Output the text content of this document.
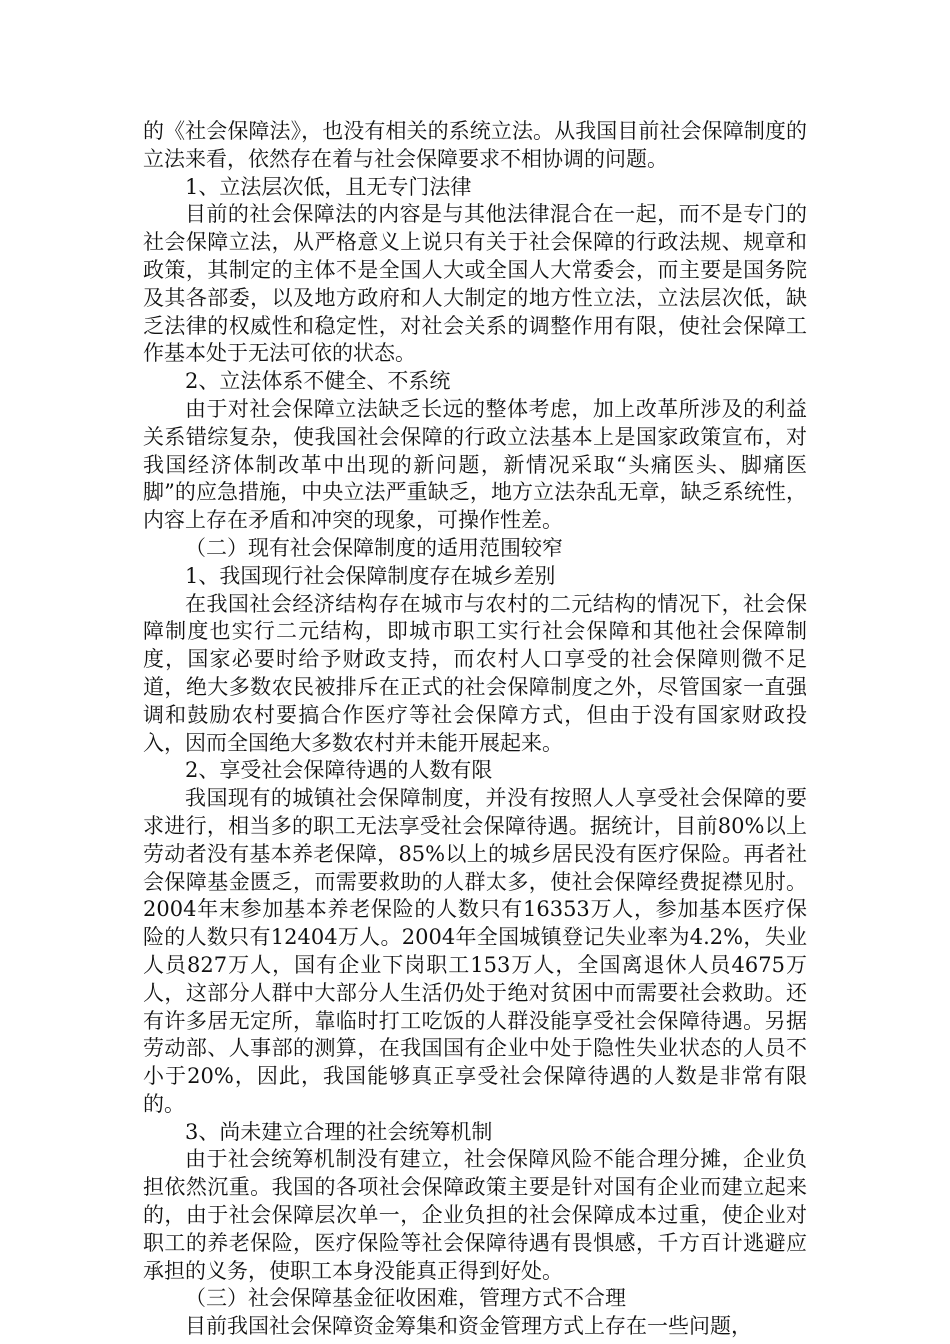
的《社会保障法》，也没有相关的系统立法。从我国目前社会保障制度的立法来看，依然存在着与社会保障要求不相协调的问题。

1、立法层次低，且无专门法律

目前的社会保障法的内容是与其他法律混合在一起，而不是专门的社会保障立法，从严格意义上说只有关于社会保障的行政法规、规章和政策，其制定的主体不是全国人大或全国人大常委会，而主要是国务院及其各部委，以及地方政府和人大制定的地方性立法，立法层次低，缺乏法律的权威性和稳定性，对社会关系的调整作用有限，使社会保障工作基本处于无法可依的状态。

2、立法体系不健全、不系统

由于对社会保障立法缺乏长远的整体考虑，加上改革所涉及的利益关系错综复杂，使我国社会保障的行政立法基本上是国家政策宣布，对我国经济体制改革中出现的新问题，新情况采取“头痛医头、脚痛医脚”的应急措施，中央立法严重缺乏，地方立法杂乱无章，缺乏系统性，内容上存在矛盾和冲突的现象，可操作性差。

（二）现有社会保障制度的适用范围较窄

1、我国现行社会保障制度存在城乡差别

在我国社会经济结构存在城市与农村的二元结构的情况下，社会保障制度也实行二元结构，即城市职工实行社会保障和其他社会保障制度，国家必要时给予财政支持，而农村人口享受的社会保障则微不足道，绝大多数农民被排斥在正式的社会保障制度之外，尽管国家一直强调和鼓励农村要搞合作医疗等社会保障方式，但由于没有国家财政投入，因而全国绝大多数农村并未能开展起来。

2、享受社会保障待遇的人数有限

我国现有的城镇社会保障制度，并没有按照人人享受社会保障的要求进行，相当多的职工无法享受社会保障待遇。据统计，目前80%以上劳动者没有基本养老保障，85%以上的城乡居民没有医疗保险。再者社会保障基金匮乏，而需要救助的人群太多，使社会保障经费捉襟见肘。2004年末参加基本养老保险的人数只有16353万人，参加基本医疗保险的人数只有12404万人。2004年全国城镇登记失业率为4.2%，失业人员827万人，国有企业下岗职工153万人，全国离退休人员4675万人，这部分人群中大部分人生活仍处于绝对贫困中而需要社会救助。还有许多居无定所，靠临时打工吃饭的人群没能享受社会保障待遇。另据劳动部、人事部的测算，在我国国有企业中处于隐性失业状态的人员不小于20%，因此，我国能够真正享受社会保障待遇的人数是非常有限的。

3、尚未建立合理的社会统筹机制

由于社会统筹机制没有建立，社会保障风险不能合理分摊，企业负担依然沉重。我国的各项社会保障政策主要是针对国有企业而建立起来的，由于社会保障层次单一，企业负担的社会保障成本过重，使企业对职工的养老保险，医疗保险等社会保障待遇有畏惧感，千方百计逃避应承担的义务，使职工本身没能真正得到好处。

（三）社会保障基金征收困难，管理方式不合理

目前我国社会保障资金筹集和资金管理方式上存在一些问题，
